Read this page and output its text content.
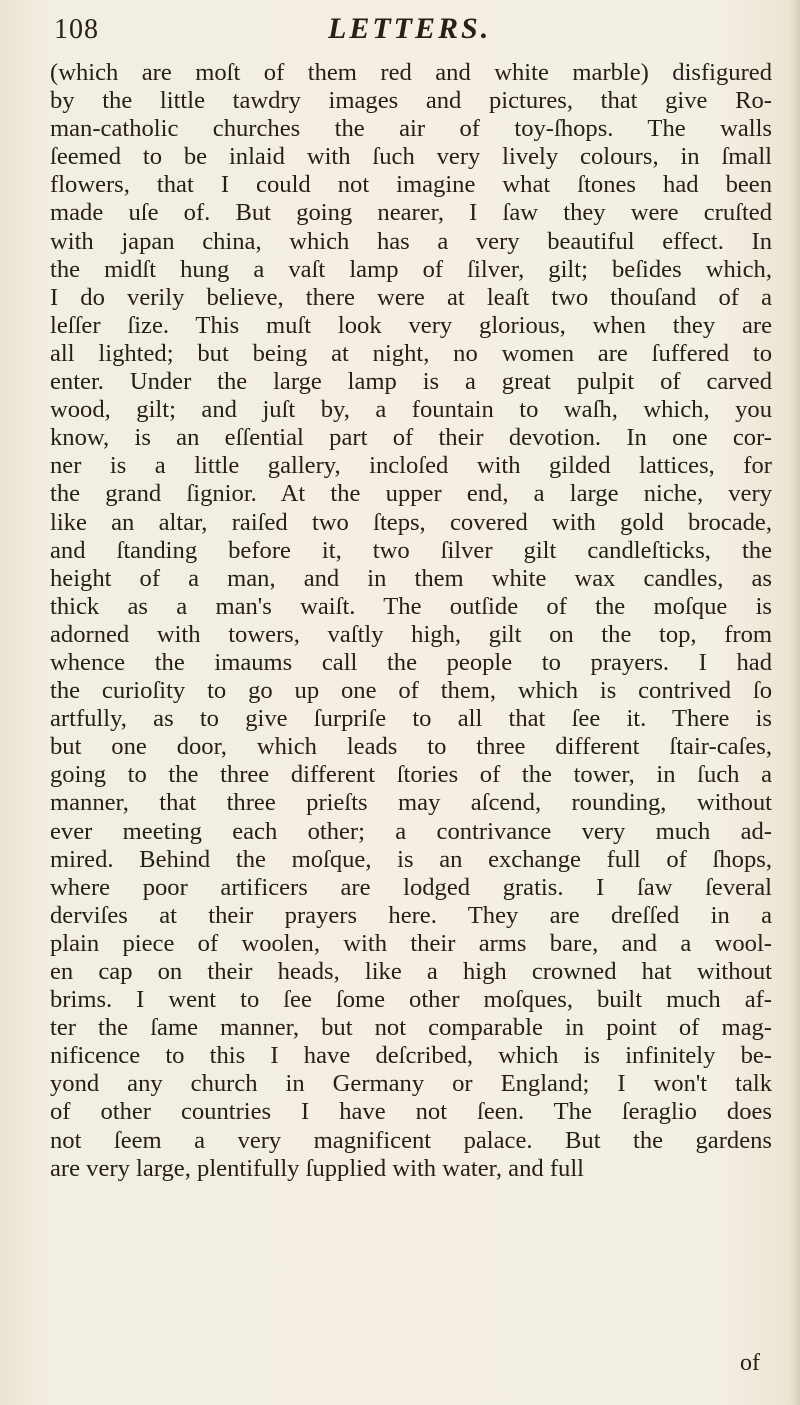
108	LETTERS.
(which are moſt of them red and white marble) disfigured
by the little tawdry images and pictures, that give Ro-
man-catholic churches the air of toy-ſhops. The walls
ſeemed to be inlaid with ſuch very lively colours, in ſmall
flowers, that I could not imagine what ſtones had been
made uſe of. But going nearer, I ſaw they were cruſted
with japan china, which has a very beautiful effect. In
the midſt hung a vaſt lamp of ſilver, gilt; beſides which,
I do verily believe, there were at leaſt two thouſand of a
leſſer ſize. This muſt look very glorious, when they are
all lighted; but being at night, no women are ſuffered to
enter. Under the large lamp is a great pulpit of carved
wood, gilt; and juſt by, a fountain to waſh, which, you
know, is an eſſential part of their devotion. In one cor-
ner is a little gallery, incloſed with gilded lattices, for
the grand ſignior. At the upper end, a large niche, very
like an altar, raiſed two ſteps, covered with gold brocade,
and ſtanding before it, two ſilver gilt candleſticks, the
height of a man, and in them white wax candles, as
thick as a man's waiſt. The outſide of the moſque is
adorned with towers, vaſtly high, gilt on the top, from
whence the imaums call the people to prayers. I had
the curioſity to go up one of them, which is contrived ſo
artfully, as to give ſurpriſe to all that ſee it. There is
but one door, which leads to three different ſtair-caſes,
going to the three different ſtories of the tower, in ſuch a
manner, that three prieſts may aſcend, rounding, without
ever meeting each other; a contrivance very much ad-
mired. Behind the moſque, is an exchange full of ſhops,
where poor artificers are lodged gratis. I ſaw ſeveral
derviſes at their prayers here. They are dreſſed in a
plain piece of woolen, with their arms bare, and a wool-
en cap on their heads, like a high crowned hat without
brims. I went to ſee ſome other moſques, built much af-
ter the ſame manner, but not comparable in point of mag-
nificence to this I have deſcribed, which is infinitely be-
yond any church in Germany or England; I won't talk
of other countries I have not ſeen. The ſeraglio does
not ſeem a very magnificent palace. But the gardens
are very large, plentifully ſupplied with water, and full
of
